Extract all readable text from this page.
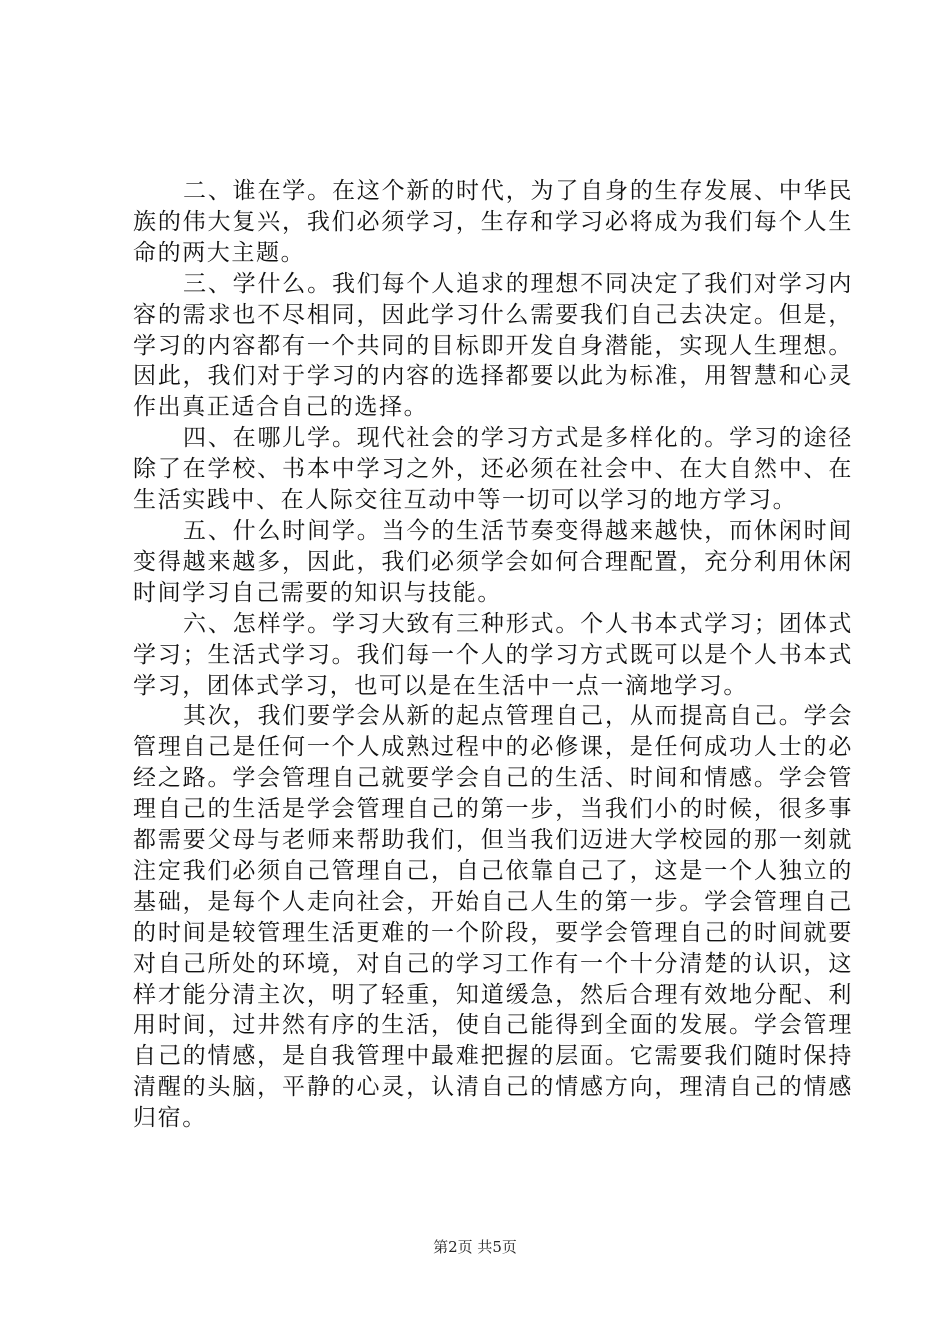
二、谁在学。在这个新的时代，为了自身的生存发展、中华民族的伟大复兴，我们必须学习，生存和学习必将成为我们每个人生命的两大主题。

三、学什么。我们每个人追求的理想不同决定了我们对学习内容的需求也不尽相同，因此学习什么需要我们自己去决定。但是，学习的内容都有一个共同的目标即开发自身潜能，实现人生理想。因此，我们对于学习的内容的选择都要以此为标准，用智慧和心灵作出真正适合自己的选择。

四、在哪儿学。现代社会的学习方式是多样化的。学习的途径除了在学校、书本中学习之外，还必须在社会中、在大自然中、在生活实践中、在人际交往互动中等一切可以学习的地方学习。

五、什么时间学。当今的生活节奏变得越来越快，而休闲时间变得越来越多，因此，我们必须学会如何合理配置，充分利用休闲时间学习自己需要的知识与技能。

六、怎样学。学习大致有三种形式。个人书本式学习；团体式学习；生活式学习。我们每一个人的学习方式既可以是个人书本式学习，团体式学习，也可以是在生活中一点一滴地学习。

其次，我们要学会从新的起点管理自己，从而提高自己。学会管理自己是任何一个人成熟过程中的必修课，是任何成功人士的必经之路。学会管理自己就要学会自己的生活、时间和情感。学会管理自己的生活是学会管理自己的第一步，当我们小的时候，很多事都需要父母与老师来帮助我们，但当我们迈进大学校园的那一刻就注定我们必须自己管理自己，自己依靠自己了，这是一个人独立的基础，是每个人走向社会，开始自己人生的第一步。学会管理自己的时间是较管理生活更难的一个阶段，要学会管理自己的时间就要对自己所处的环境，对自己的学习工作有一个十分清楚的认识，这样才能分清主次，明了轻重，知道缓急，然后合理有效地分配、利用时间，过井然有序的生活，使自己能得到全面的发展。学会管理自己的情感，是自我管理中最难把握的层面。它需要我们随时保持清醒的头脑，平静的心灵，认清自己的情感方向，理清自己的情感归宿。

第2页 共5页
